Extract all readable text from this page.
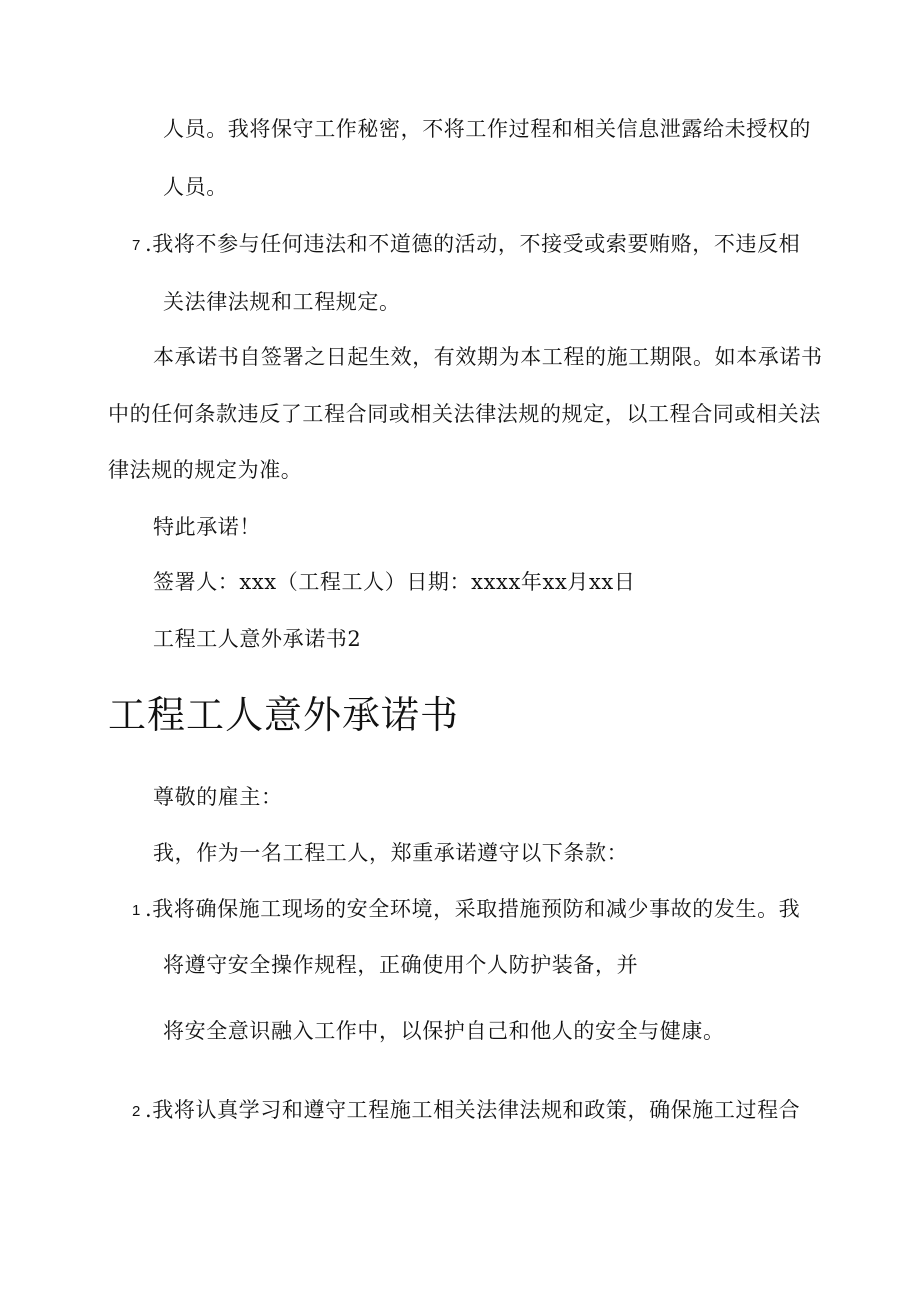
人员。我将保守工作秘密，不将工作过程和相关信息泄露给未授权的
人员。
7 .我将不参与任何违法和不道德的活动，不接受或索要贿赂，不违反相
关法律法规和工程规定。
本承诺书自签署之日起生效，有效期为本工程的施工期限。如本承诺书
中的任何条款违反了工程合同或相关法律法规的规定，以工程合同或相关法
律法规的规定为准。
特此承诺！
签署人：xxx（工程工人）日期：xxxx年xx月xx日
工程工人意外承诺书2
工程工人意外承诺书
尊敬的雇主：
我，作为一名工程工人，郑重承诺遵守以下条款：
1 .我将确保施工现场的安全环境，采取措施预防和减少事故的发生。我
将遵守安全操作规程，正确使用个人防护装备，并
将安全意识融入工作中，以保护自己和他人的安全与健康。
2 .我将认真学习和遵守工程施工相关法律法规和政策，确保施工过程合
